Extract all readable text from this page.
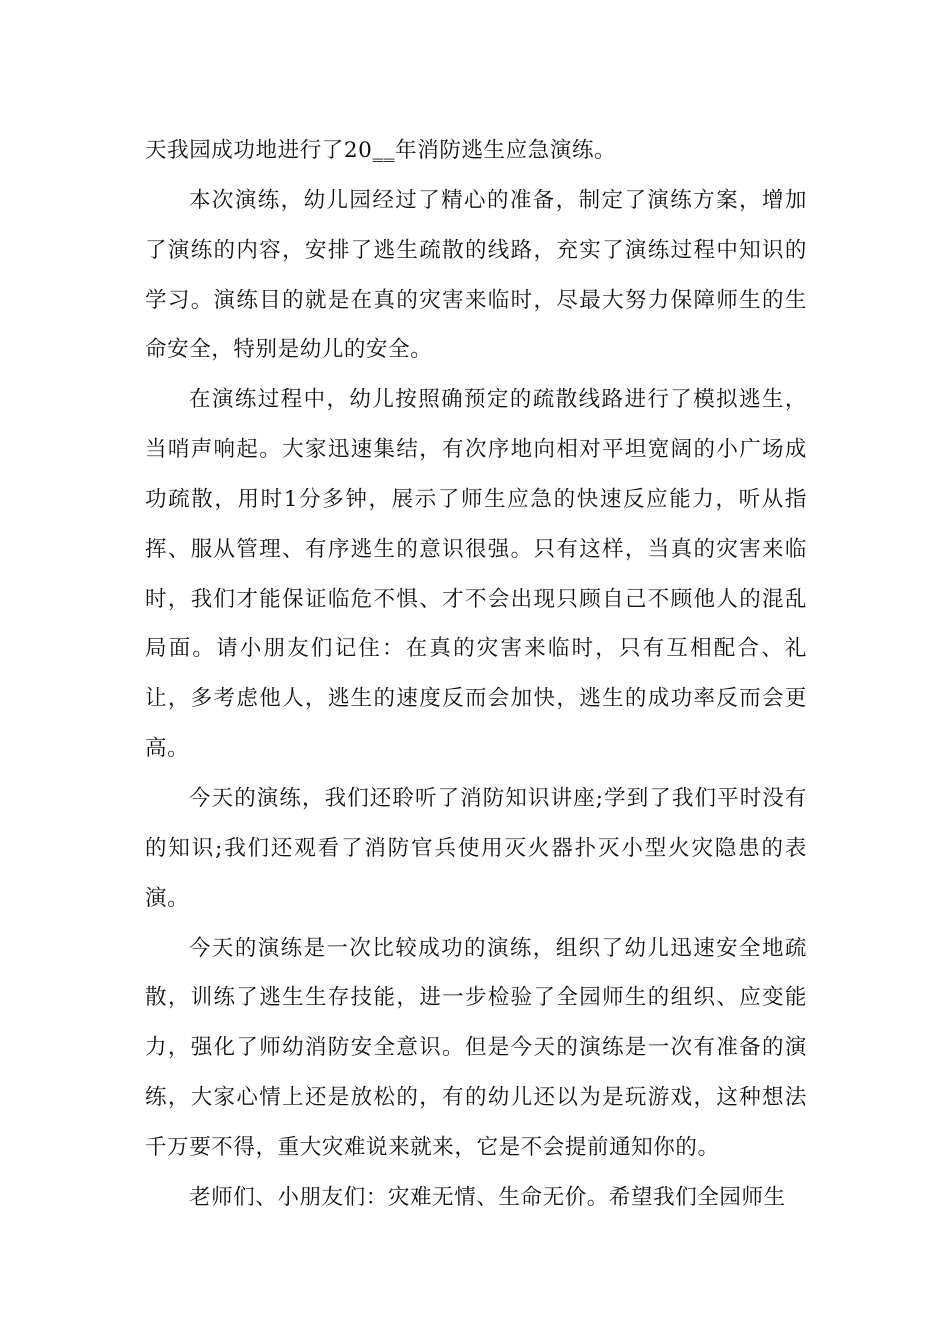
天我园成功地进行了20‗‗年消防逃生应急演练。

本次演练，幼儿园经过了精心的准备，制定了演练方案，增加了演练的内容，安排了逃生疏散的线路，充实了演练过程中知识的学习。演练目的就是在真的灾害来临时，尽最大努力保障师生的生命安全，特别是幼儿的安全。

在演练过程中，幼儿按照确预定的疏散线路进行了模拟逃生，当哨声响起。大家迅速集结，有次序地向相对平坦宽阔的小广场成功疏散，用时1分多钟，展示了师生应急的快速反应能力，听从指挥、服从管理、有序逃生的意识很强。只有这样，当真的灾害来临时，我们才能保证临危不惧、才不会出现只顾自己不顾他人的混乱局面。请小朋友们记住：在真的灾害来临时，只有互相配合、礼让，多考虑他人，逃生的速度反而会加快，逃生的成功率反而会更高。

今天的演练，我们还聆听了消防知识讲座;学到了我们平时没有的知识;我们还观看了消防官兵使用灭火器扑灭小型火灾隐患的表演。

今天的演练是一次比较成功的演练，组织了幼儿迅速安全地疏散，训练了逃生生存技能，进一步检验了全园师生的组织、应变能力，强化了师幼消防安全意识。但是今天的演练是一次有准备的演练，大家心情上还是放松的，有的幼儿还以为是玩游戏，这种想法千万要不得，重大灾难说来就来，它是不会提前通知你的。

老师们、小朋友们：灾难无情、生命无价。希望我们全园师生
